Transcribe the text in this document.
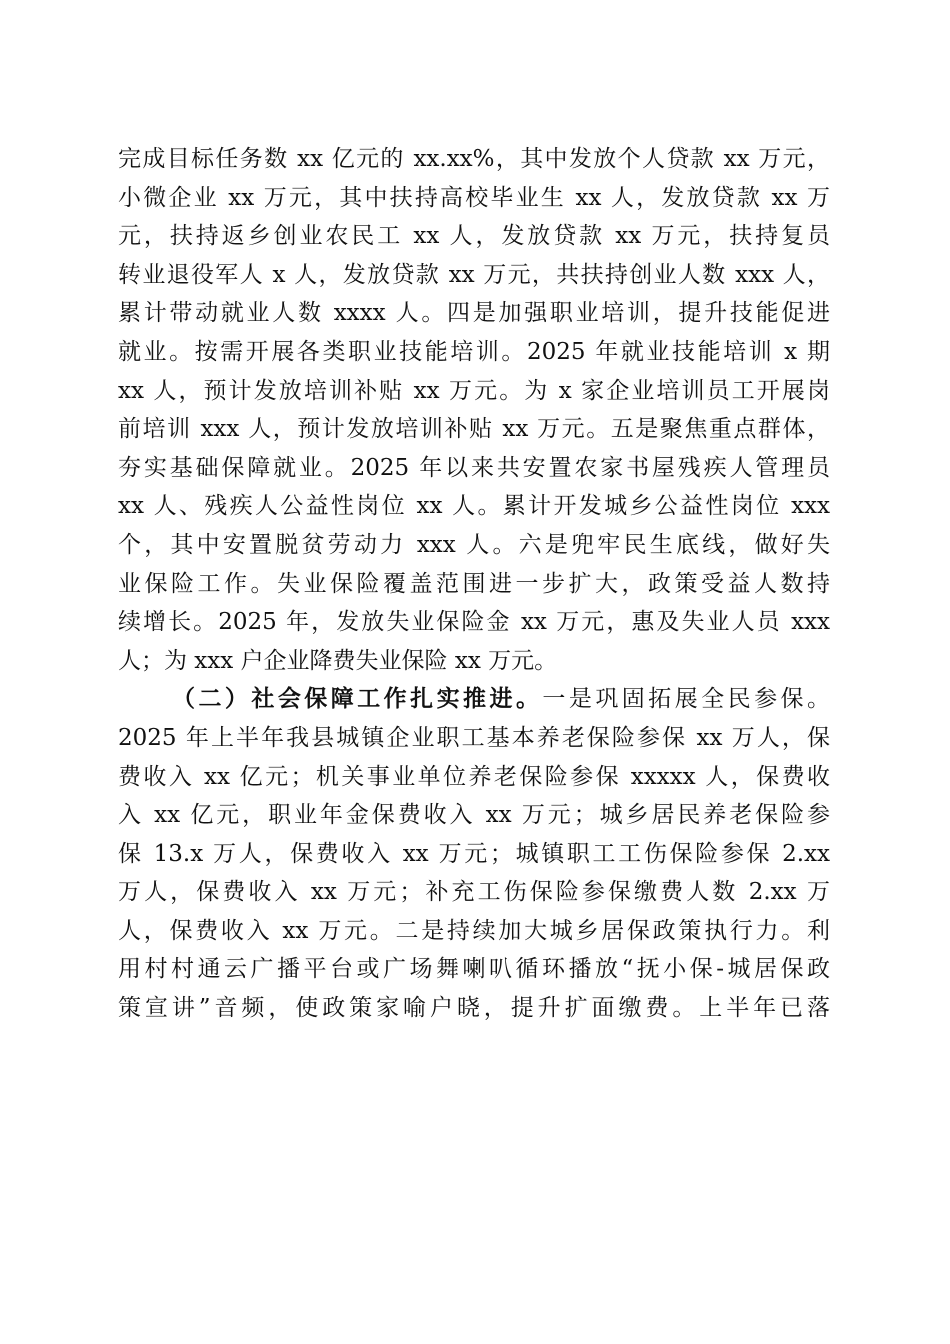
完成目标任务数 xx 亿元的 xx.xx%，其中发放个人贷款 xx 万元，
小微企业 xx 万元，其中扶持高校毕业生 xx 人，发放贷款 xx 万
元，扶持返乡创业农民工 xx 人，发放贷款 xx 万元，扶持复员
转业退役军人 x 人，发放贷款 xx 万元，共扶持创业人数 xxx 人，
累计带动就业人数 xxxx 人。四是加强职业培训，提升技能促进
就业。按需开展各类职业技能培训。2025 年就业技能培训 x 期
xx 人，预计发放培训补贴 xx 万元。为 x 家企业培训员工开展岗
前培训 xxx 人，预计发放培训补贴 xx 万元。五是聚焦重点群体，
夯实基础保障就业。2025 年以来共安置农家书屋残疾人管理员
xx 人、残疾人公益性岗位 xx 人。累计开发城乡公益性岗位 xxx
个，其中安置脱贫劳动力 xxx 人。六是兜牢民生底线，做好失
业保险工作。失业保险覆盖范围进一步扩大，政策受益人数持
续增长。2025 年，发放失业保险金 xx 万元，惠及失业人员 xxx
人；为 xxx 户企业降费失业保险 xx 万元。
（二）社会保障工作扎实推进。一是巩固拓展全民参保。
2025 年上半年我县城镇企业职工基本养老保险参保 xx 万人，保
费收入 xx 亿元；机关事业单位养老保险参保 xxxxx 人，保费收
入 xx 亿元，职业年金保费收入 xx 万元；城乡居民养老保险参
保 13.x 万人，保费收入 xx 万元；城镇职工工伤保险参保 2.xx
万人，保费收入 xx 万元；补充工伤保险参保缴费人数 2.xx 万
人，保费收入 xx 万元。二是持续加大城乡居保政策执行力。利
用村村通云广播平台或广场舞喇叭循环播放“抚小保-城居保政
策宣讲”音频，使政策家喻户晓，提升扩面缴费。上半年已落
